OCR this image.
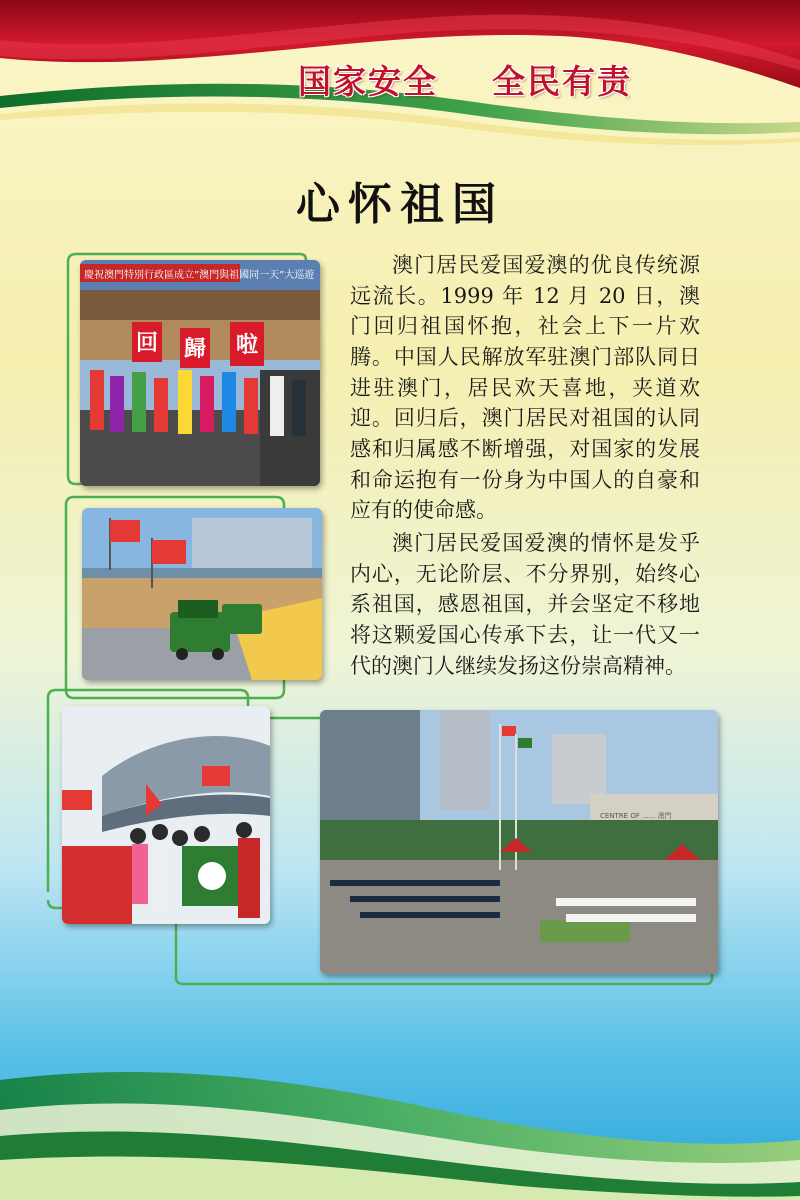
国家安全    全民有责
心怀祖国

澳门居民爱国爱澳的优良传统源远流长。1999 年 12 月 20 日，澳门回归祖国怀抱，社会上下一片欢腾。中国人民解放军驻澳门部队同日进驻澳门，居民欢天喜地，夹道欢迎。回归后，澳门居民对祖国的认同感和归属感不断增强，对国家的发展和命运抱有一份身为中国人的自豪和应有的使命感。

澳门居民爱国爱澳的情怀是发乎内心，无论阶层、不分界别，始终心系祖国，感恩祖国，并会坚定不移地将这颗爱国心传承下去，让一代又一代的澳门人继续发扬这份崇高精神。

慶祝澳門特別行政區成立”澳門與祖國同一天”大巡遊
回 歸 啦
CENTRE OF ...... 澳門
